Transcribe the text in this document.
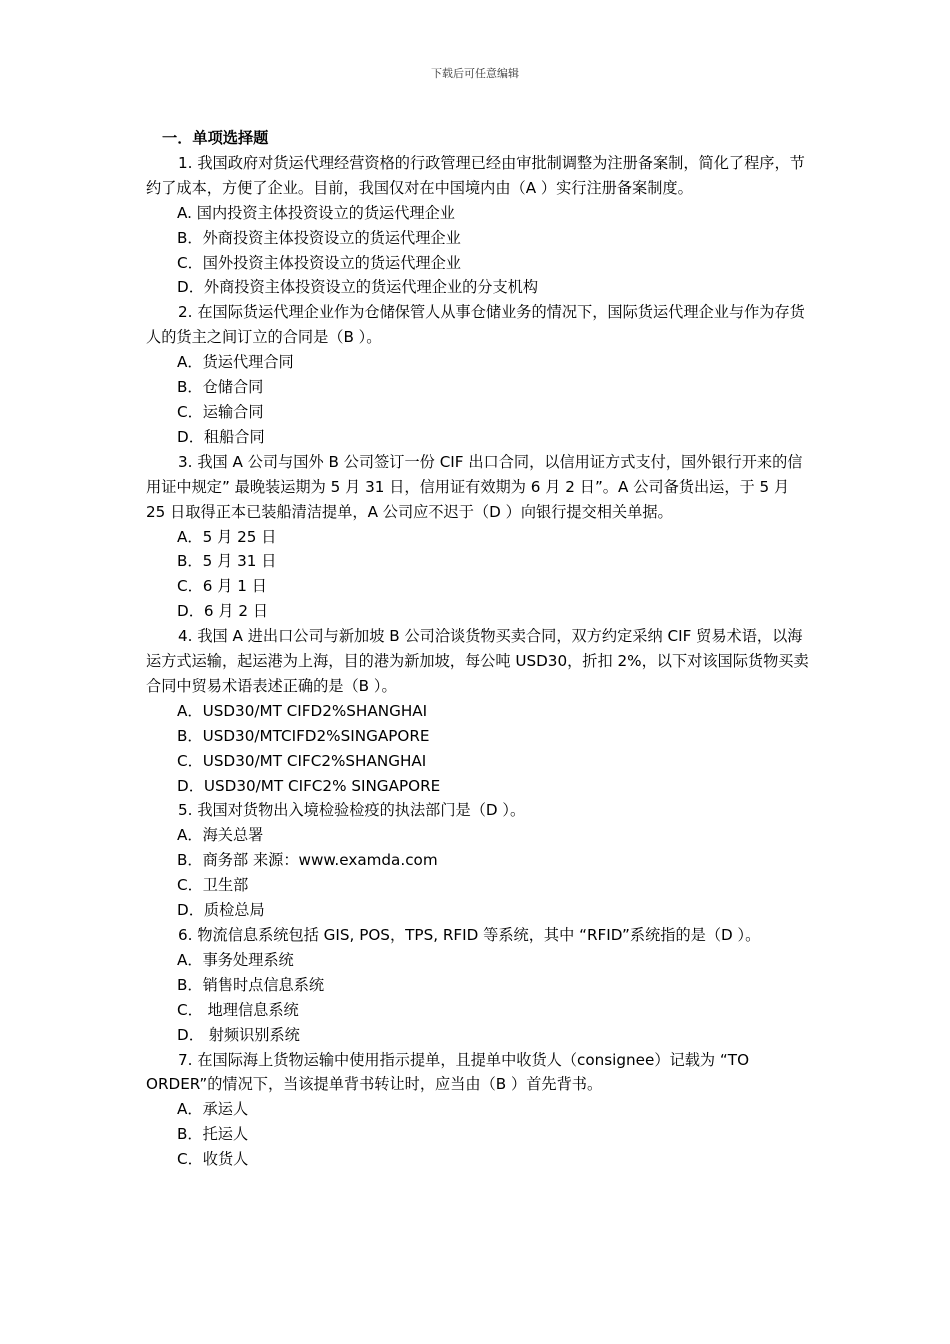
下载后可任意编辑
一．单项选择题

1. 我国政府对货运代理经营资格的行政管理已经由审批制调整为注册备案制，简化了程序，节约了成本，方便了企业。目前，我国仅对在中国境内由（A ）实行注册备案制度。

A. 国内投资主体投资设立的货运代理企业

B．外商投资主体投资设立的货运代理企业

C．国外投资主体投资设立的货运代理企业

D．外商投资主体投资设立的货运代理企业的分支机构

2. 在国际货运代理企业作为仓储保管人从事仓储业务的情况下，国际货运代理企业与作为存货人的货主之间订立的合同是（B ）。

A．货运代理合同

B．仓储合同

C．运输合同

D．租船合同

3. 我国 A 公司与国外 B 公司签订一份 CIF 出口合同，以信用证方式支付，国外银行开来的信用证中规定” 最晚装运期为 5 月 31 日，信用证有效期为 6 月 2 日”。A 公司备货出运，于 5 月 25 日取得正本已装船清洁提单，A 公司应不迟于（D ）向银行提交相关单据。

A．5 月 25 日

B．5 月 31 日

C．6 月 1 日

D．6 月 2 日

4. 我国 A 进出口公司与新加坡 B 公司洽谈货物买卖合同，双方约定采纳 CIF 贸易术语，以海运方式运输，起运港为上海，目的港为新加坡，每公吨 USD30，折扣 2%，以下对该国际货物买卖合同中贸易术语表述正确的是（B ）。

A．USD30/MT CIFD2%SHANGHAI

B．USD30/MTCIFD2%SINGAPORE

C．USD30/MT CIFC2%SHANGHAI

D．USD30/MT CIFC2% SINGAPORE

5. 我国对货物出入境检验检疫的执法部门是（D ）。

A．海关总署

B．商务部 来源：www.examda.com

C．卫生部

D．质检总局

6. 物流信息系统包括 GIS, POS，TPS, RFID 等系统，其中 “RFID”系统指的是（D ）。

A．事务处理系统

B．销售时点信息系统

C． 地理信息系统

D． 射频识别系统

7. 在国际海上货物运输中使用指示提单，且提单中收货人（consignee）记载为 “TO ORDER”的情况下，当该提单背书转让时，应当由（B ）首先背书。

A．承运人

B．托运人

C．收货人
